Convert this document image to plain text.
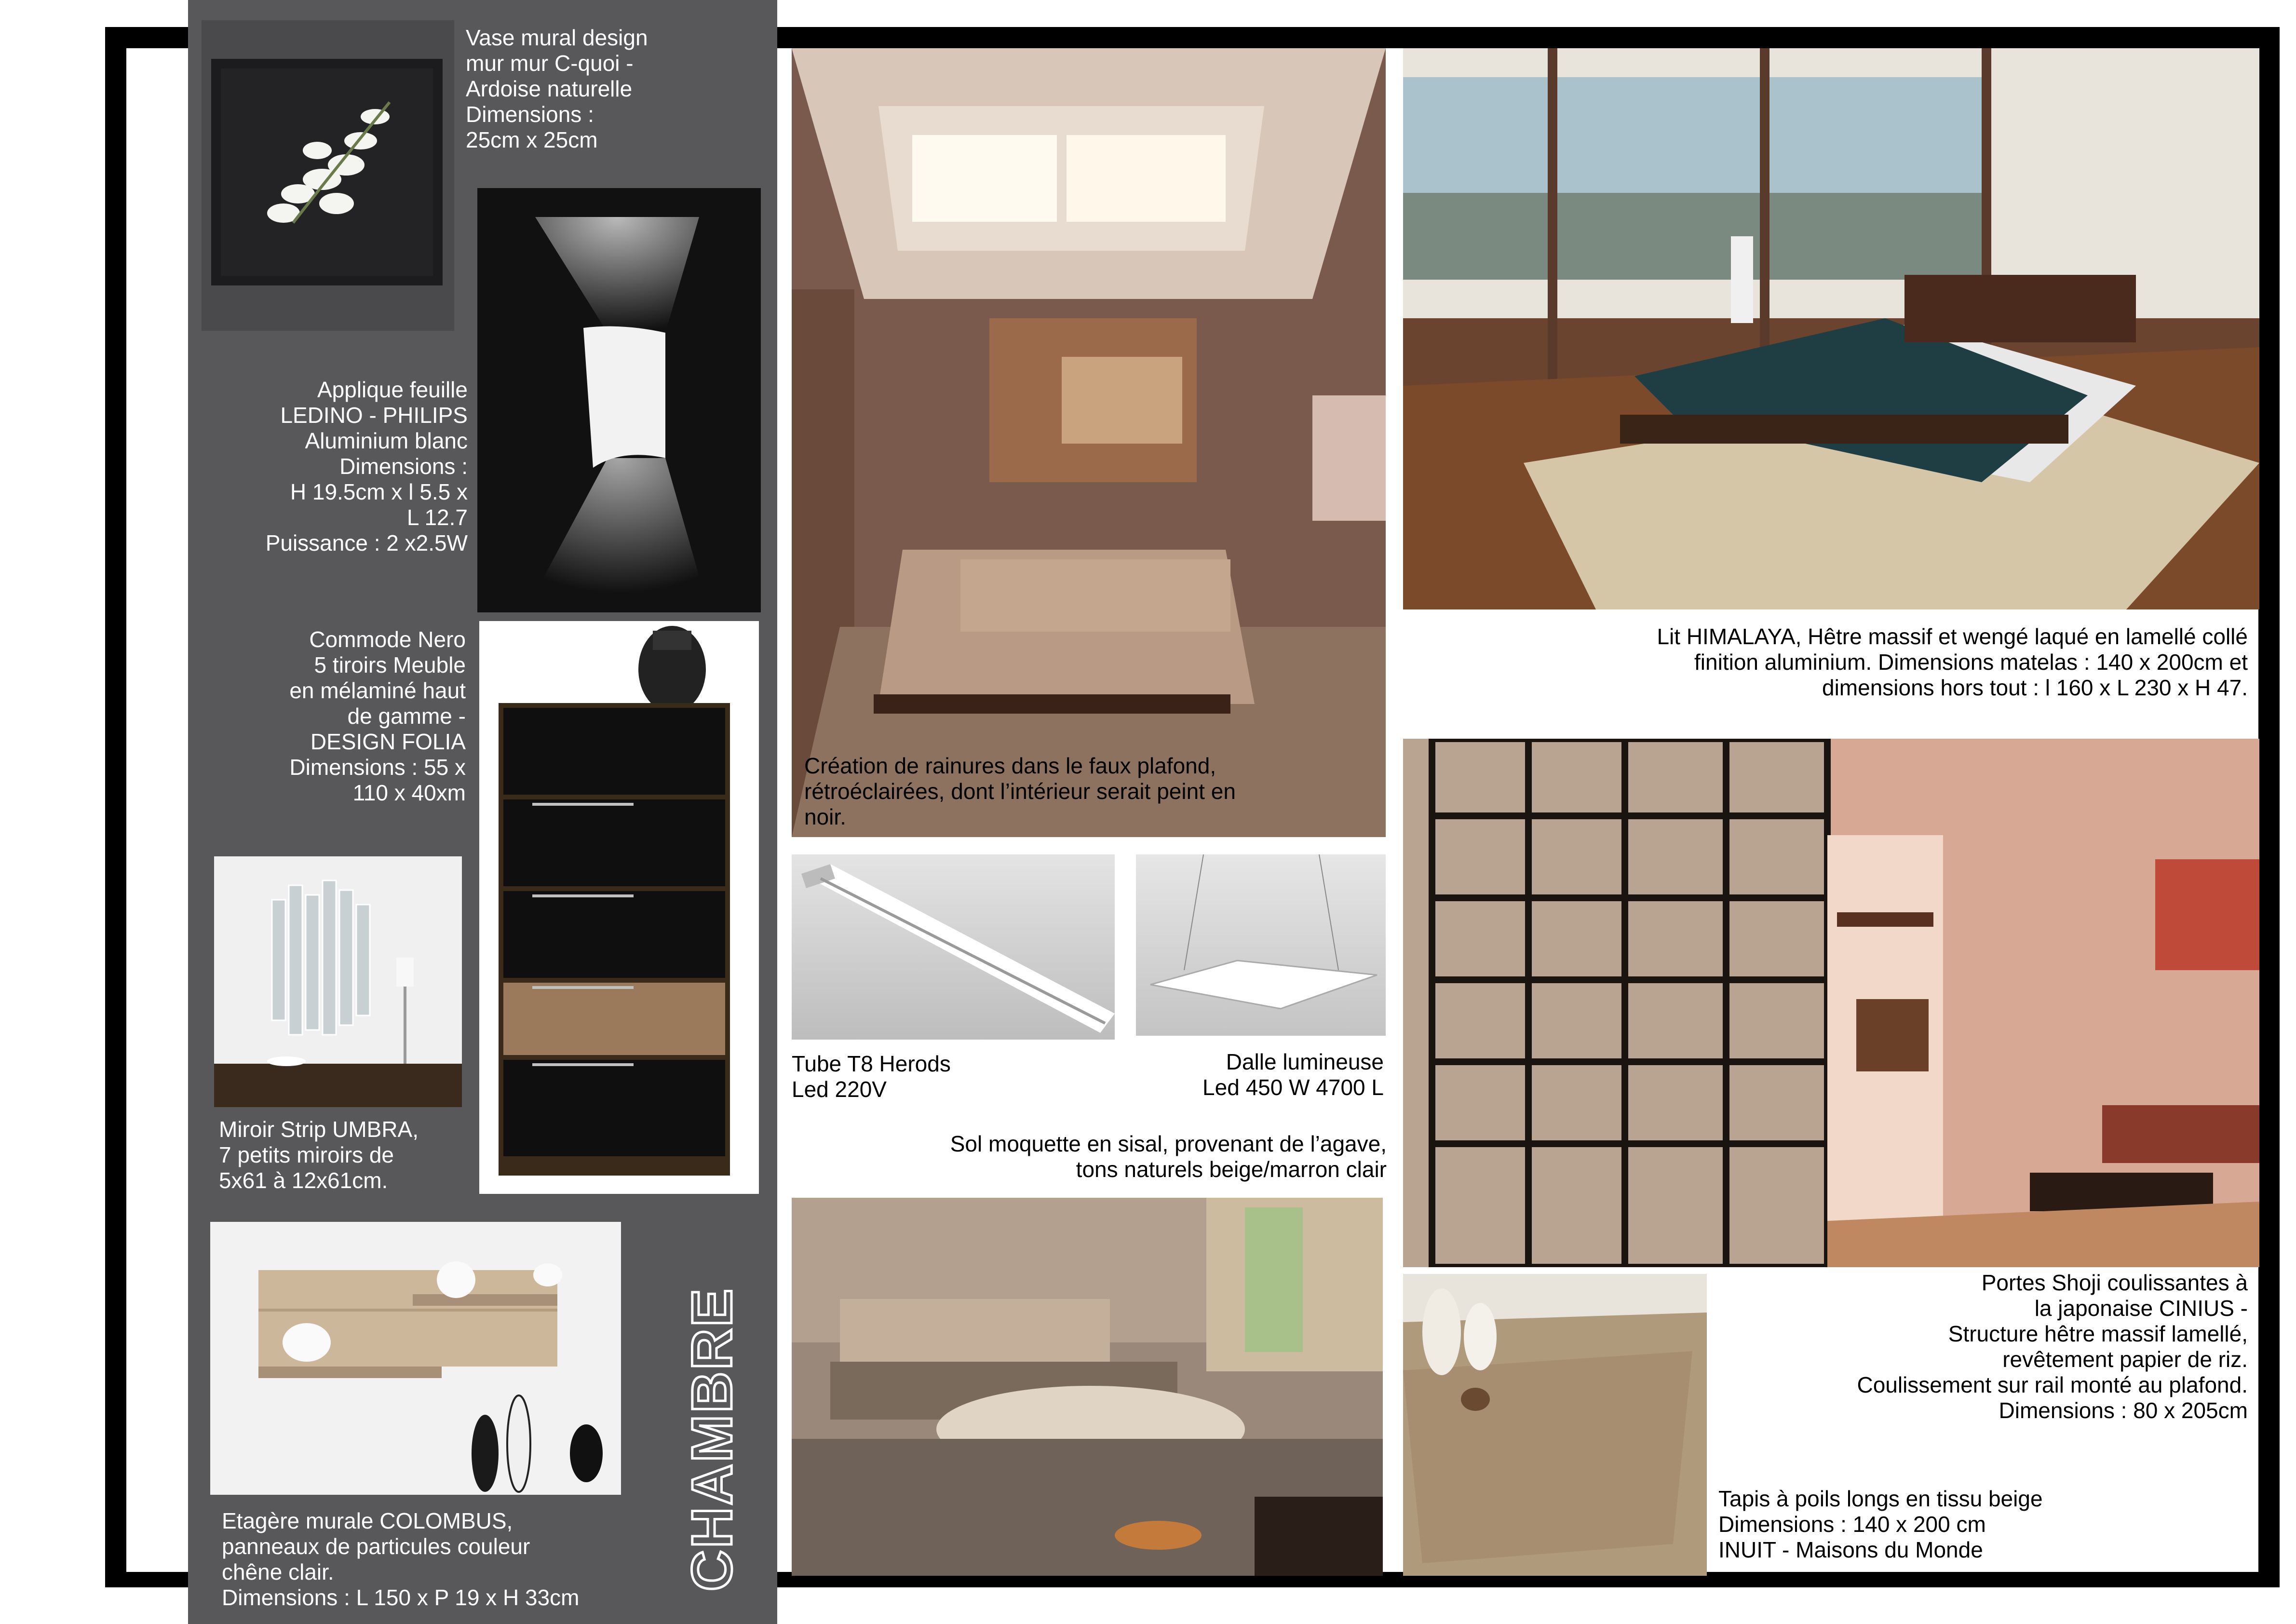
Vase mural design
mur mur C-quoi -
Ardoise naturelle
Dimensions :
25cm x 25cm
Applique feuille
LEDINO - PHILIPS
Aluminium blanc
Dimensions :
H 19.5cm x l 5.5 x
L 12.7
Puissance : 2 x2.5W
Commode Nero
5 tiroirs Meuble
en mélaminé haut
de gamme -
DESIGN FOLIA
Dimensions : 55 x
110 x 40xm
Miroir Strip UMBRA,
7 petits miroirs de
5x61 à 12x61cm.
Etagère murale COLOMBUS,
panneaux de particules couleur
chêne clair.
Dimensions : L 150 x P 19 x H 33cm
CHAMBRE
Création de rainures dans le faux plafond,
rétroéclairées, dont l’intérieur serait peint en
noir.
Tube T8 Herods
Led 220V
Dalle lumineuse
Led 450 W 4700 L
Sol moquette en sisal, provenant de l’agave,
tons naturels beige/marron clair
Lit HIMALAYA, Hêtre massif et wengé laqué en lamellé collé
finition aluminium. Dimensions matelas : 140 x 200cm et
dimensions hors tout : l 160 x L 230 x H 47.
Portes Shoji coulissantes à
la japonaise CINIUS -
Structure hêtre massif lamellé,
revêtement papier de riz.
Coulissement sur rail monté au plafond.
Dimensions : 80 x 205cm
Tapis à poils longs en tissu beige
Dimensions : 140 x 200 cm
INUIT - Maisons du Monde
